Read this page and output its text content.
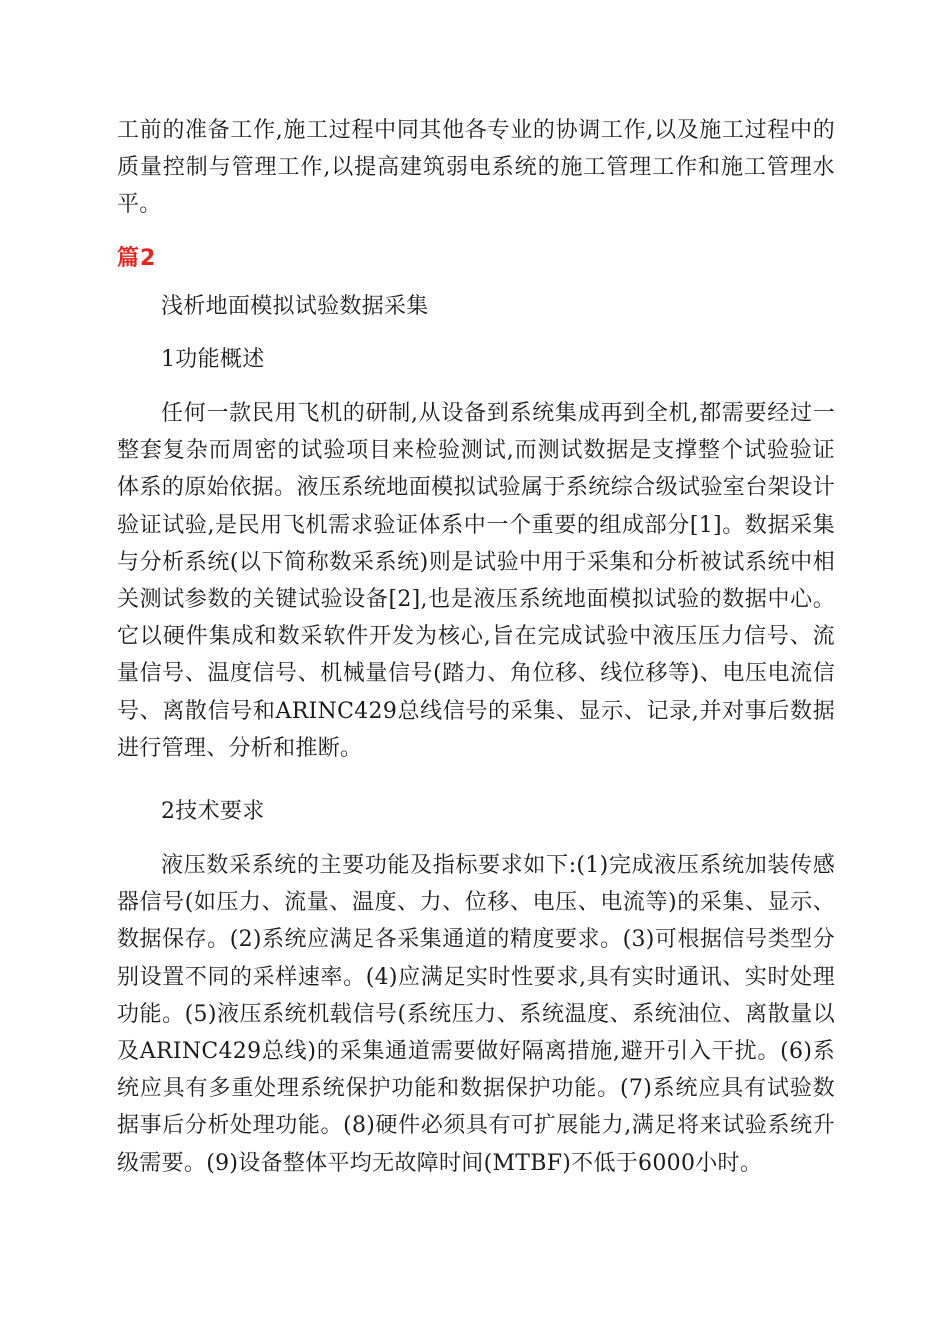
工前的准备工作,施工过程中同其他各专业的协调工作,以及施工过程中的质量控制与管理工作,以提高建筑弱电系统的施工管理工作和施工管理水平。

篇2

浅析地面模拟试验数据采集

1功能概述

任何一款民用飞机的研制,从设备到系统集成再到全机,都需要经过一整套复杂而周密的试验项目来检验测试,而测试数据是支撑整个试验验证体系的原始依据。液压系统地面模拟试验属于系统综合级试验室台架设计验证试验,是民用飞机需求验证体系中一个重要的组成部分[1]。数据采集与分析系统(以下简称数采系统)则是试验中用于采集和分析被试系统中相关测试参数的关键试验设备[2],也是液压系统地面模拟试验的数据中心。它以硬件集成和数采软件开发为核心,旨在完成试验中液压压力信号、流量信号、温度信号、机械量信号(踏力、角位移、线位移等)、电压电流信号、离散信号和ARINC429总线信号的采集、显示、记录,并对事后数据进行管理、分析和推断。

2技术要求

液压数采系统的主要功能及指标要求如下:(1)完成液压系统加装传感器信号(如压力、流量、温度、力、位移、电压、电流等)的采集、显示、数据保存。(2)系统应满足各采集通道的精度要求。(3)可根据信号类型分别设置不同的采样速率。(4)应满足实时性要求,具有实时通讯、实时处理功能。(5)液压系统机载信号(系统压力、系统温度、系统油位、离散量以及ARINC429总线)的采集通道需要做好隔离措施,避开引入干扰。(6)系统应具有多重处理系统保护功能和数据保护功能。(7)系统应具有试验数据事后分析处理功能。(8)硬件必须具有可扩展能力,满足将来试验系统升级需要。(9)设备整体平均无故障时间(MTBF)不低于6000小时。
